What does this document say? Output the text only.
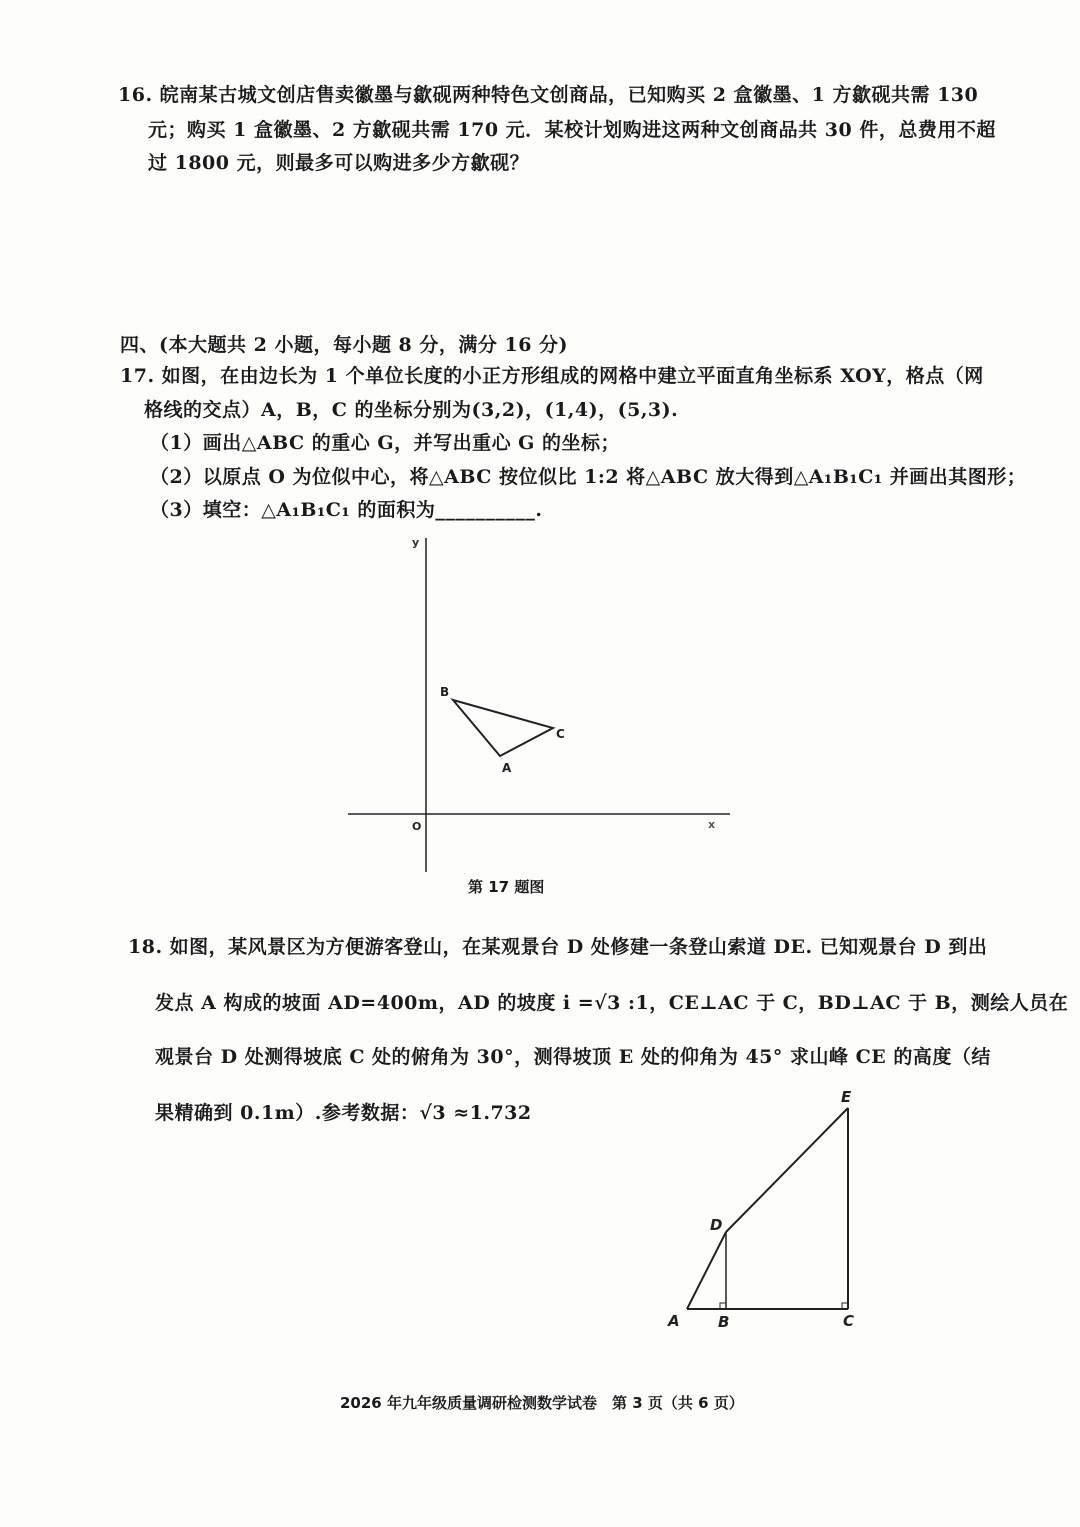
16. 皖南某古城文创店售卖徽墨与歙砚两种特色文创商品，已知购买 2 盒徽墨、1 方歙砚共需 130
元；购买 1 盒徽墨、2 方歙砚共需 170 元．某校计划购进这两种文创商品共 30 件，总费用不超
过 1800 元，则最多可以购进多少方歙砚？
四、(本大题共 2 小题，每小题 8 分，满分 16 分)
17. 如图，在由边长为 1 个单位长度的小正方形组成的网格中建立平面直角坐标系 XOY，格点（网
格线的交点）A，B，C 的坐标分别为(3,2)，(1,4)，(5,3).
（1）画出△ABC 的重心 G，并写出重心 G 的坐标；
（2）以原点 O 为位似中心，将△ABC 按位似比 1:2 将△ABC 放大得到△A₁B₁C₁ 并画出其图形；
（3）填空：△A₁B₁C₁ 的面积为__________.
y
x
O
B
C
A
第 17 题图
18. 如图，某风景区为方便游客登山，在某观景台 D 处修建一条登山索道 DE. 已知观景台 D 到出
发点 A 构成的坡面 AD=400m，AD 的坡度 i =√3 :1，CE⊥AC 于 C，BD⊥AC 于 B，测绘人员在
观景台 D 处测得坡底 C 处的俯角为 30°，测得坡顶 E 处的仰角为 45° 求山峰 CE 的高度（结
果精确到 0.1m）.参考数据：√3 ≈1.732
E
D
A	B	C
2026 年九年级质量调研检测数学试卷　第 3 页（共 6 页）
